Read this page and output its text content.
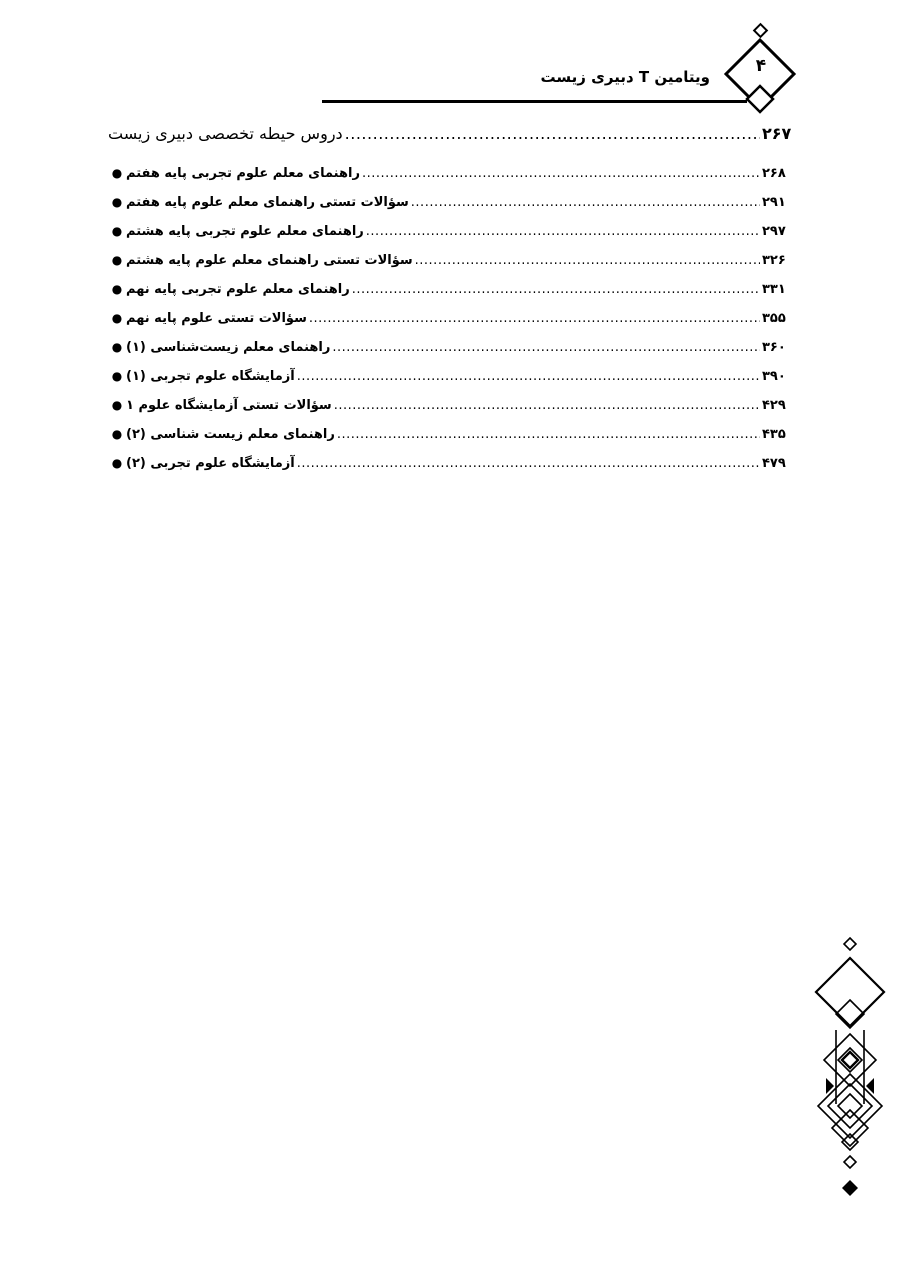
ویتامین T دبیری زیست
۴
دروس حیطه تخصصی دبیری زیست .....	۲۶۷
● راهنمای معلم علوم تجربی پایه هفتم .....	۲۶۸
● سؤالات تستی راهنمای معلم علوم پایه هفتم .....	۲۹۱
● راهنمای معلم علوم تجربی پایه هشتم .....	۲۹۷
● سؤالات تستی راهنمای معلم علوم پایه هشتم .....	۳۲۶
● راهنمای معلم علوم تجربی پایه نهم .....	۳۳۱
● سؤالات تستی علوم پایه نهم .....	۳۵۵
● راهنمای معلم زیست‌شناسی (۱) .....	۳۶۰
● آزمایشگاه علوم تجربی (۱) .....	۳۹۰
● سؤالات تستی آزمایشگاه علوم ۱ .....	۴۲۹
● راهنمای معلم زیست شناسی (۲) .....	۴۳۵
● آزمایشگاه علوم تجربی (۲) .....	۴۷۹
